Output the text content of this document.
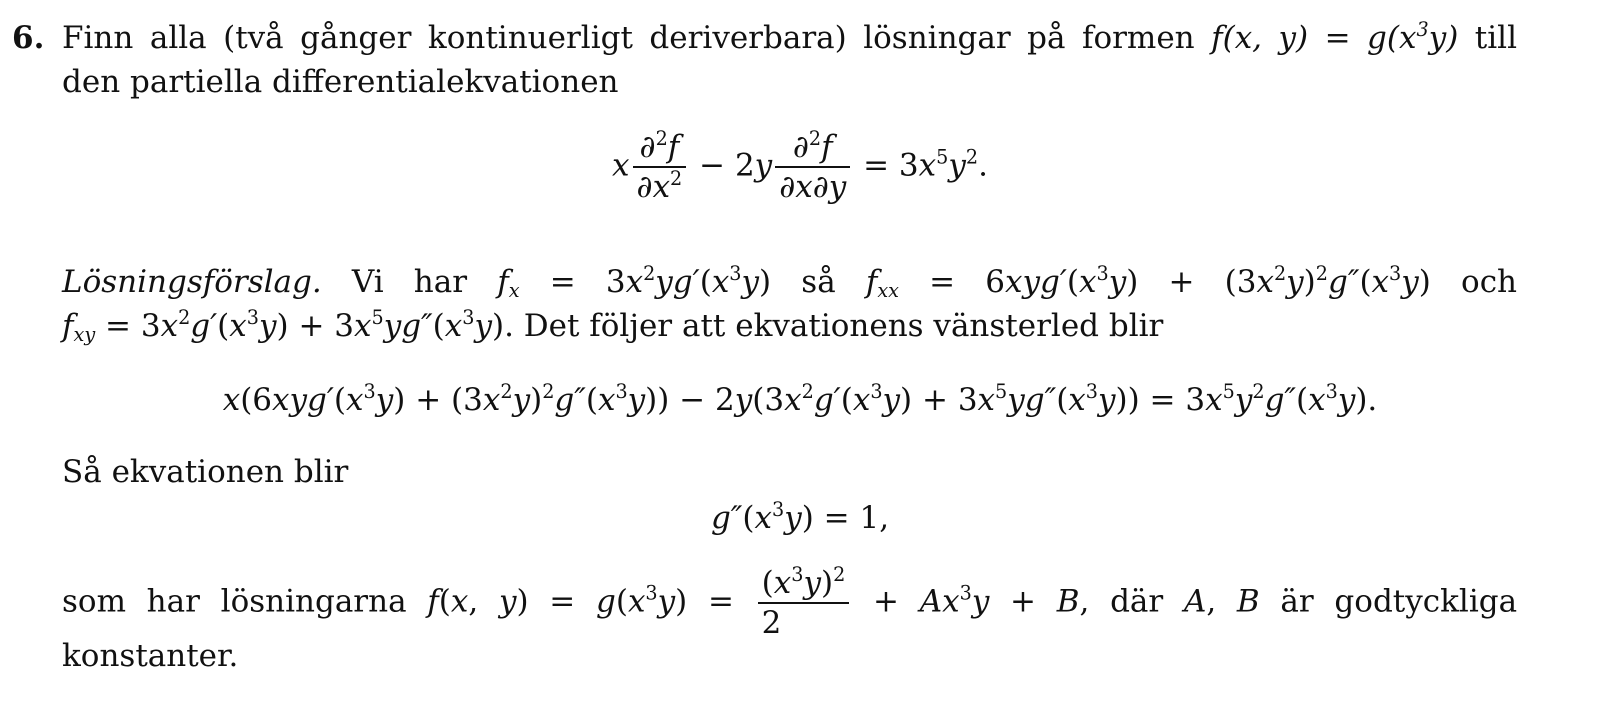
6. Finn alla (två gånger kontinuerligt deriverbara) lösningar på formen f(x, $y) = g(x^3y)$ till
den partiella differentialekvationen
x $\frac{\partial^2f}{\partial x^2} - 2y \frac{\partial^2f}{\partial x\partial y} = 3x^5y^2$.
Lösningsförslag. Vi har $f_x = 3x^2yg'(x^3y)$ så $f_{xx} = 6xyg'(x^3y) + (3x^2y)^2g''(x^3y)$ och
$f_{xy} = 3x^2g'(x^3y) + 3x^5yg''(x^3y)$. Det följer att ekvationens vänsterled blir
$x(6xyg'(x^3y) + (3x^2y)^2g''(x^3y)) - 2y(3x^2g'(x^3y) + 3x^5yg''(x^3y)) = 3x^5y^2g''(x^3y)$.
Så ekvationen blir
$g''(x^3y) = 1$,
som har lösningarna f(x, $y) = g(x^3y) = \frac{(x^3y)^2}{2} + Ax^3y + B$, där A, B är godtyckliga
konstanter.
